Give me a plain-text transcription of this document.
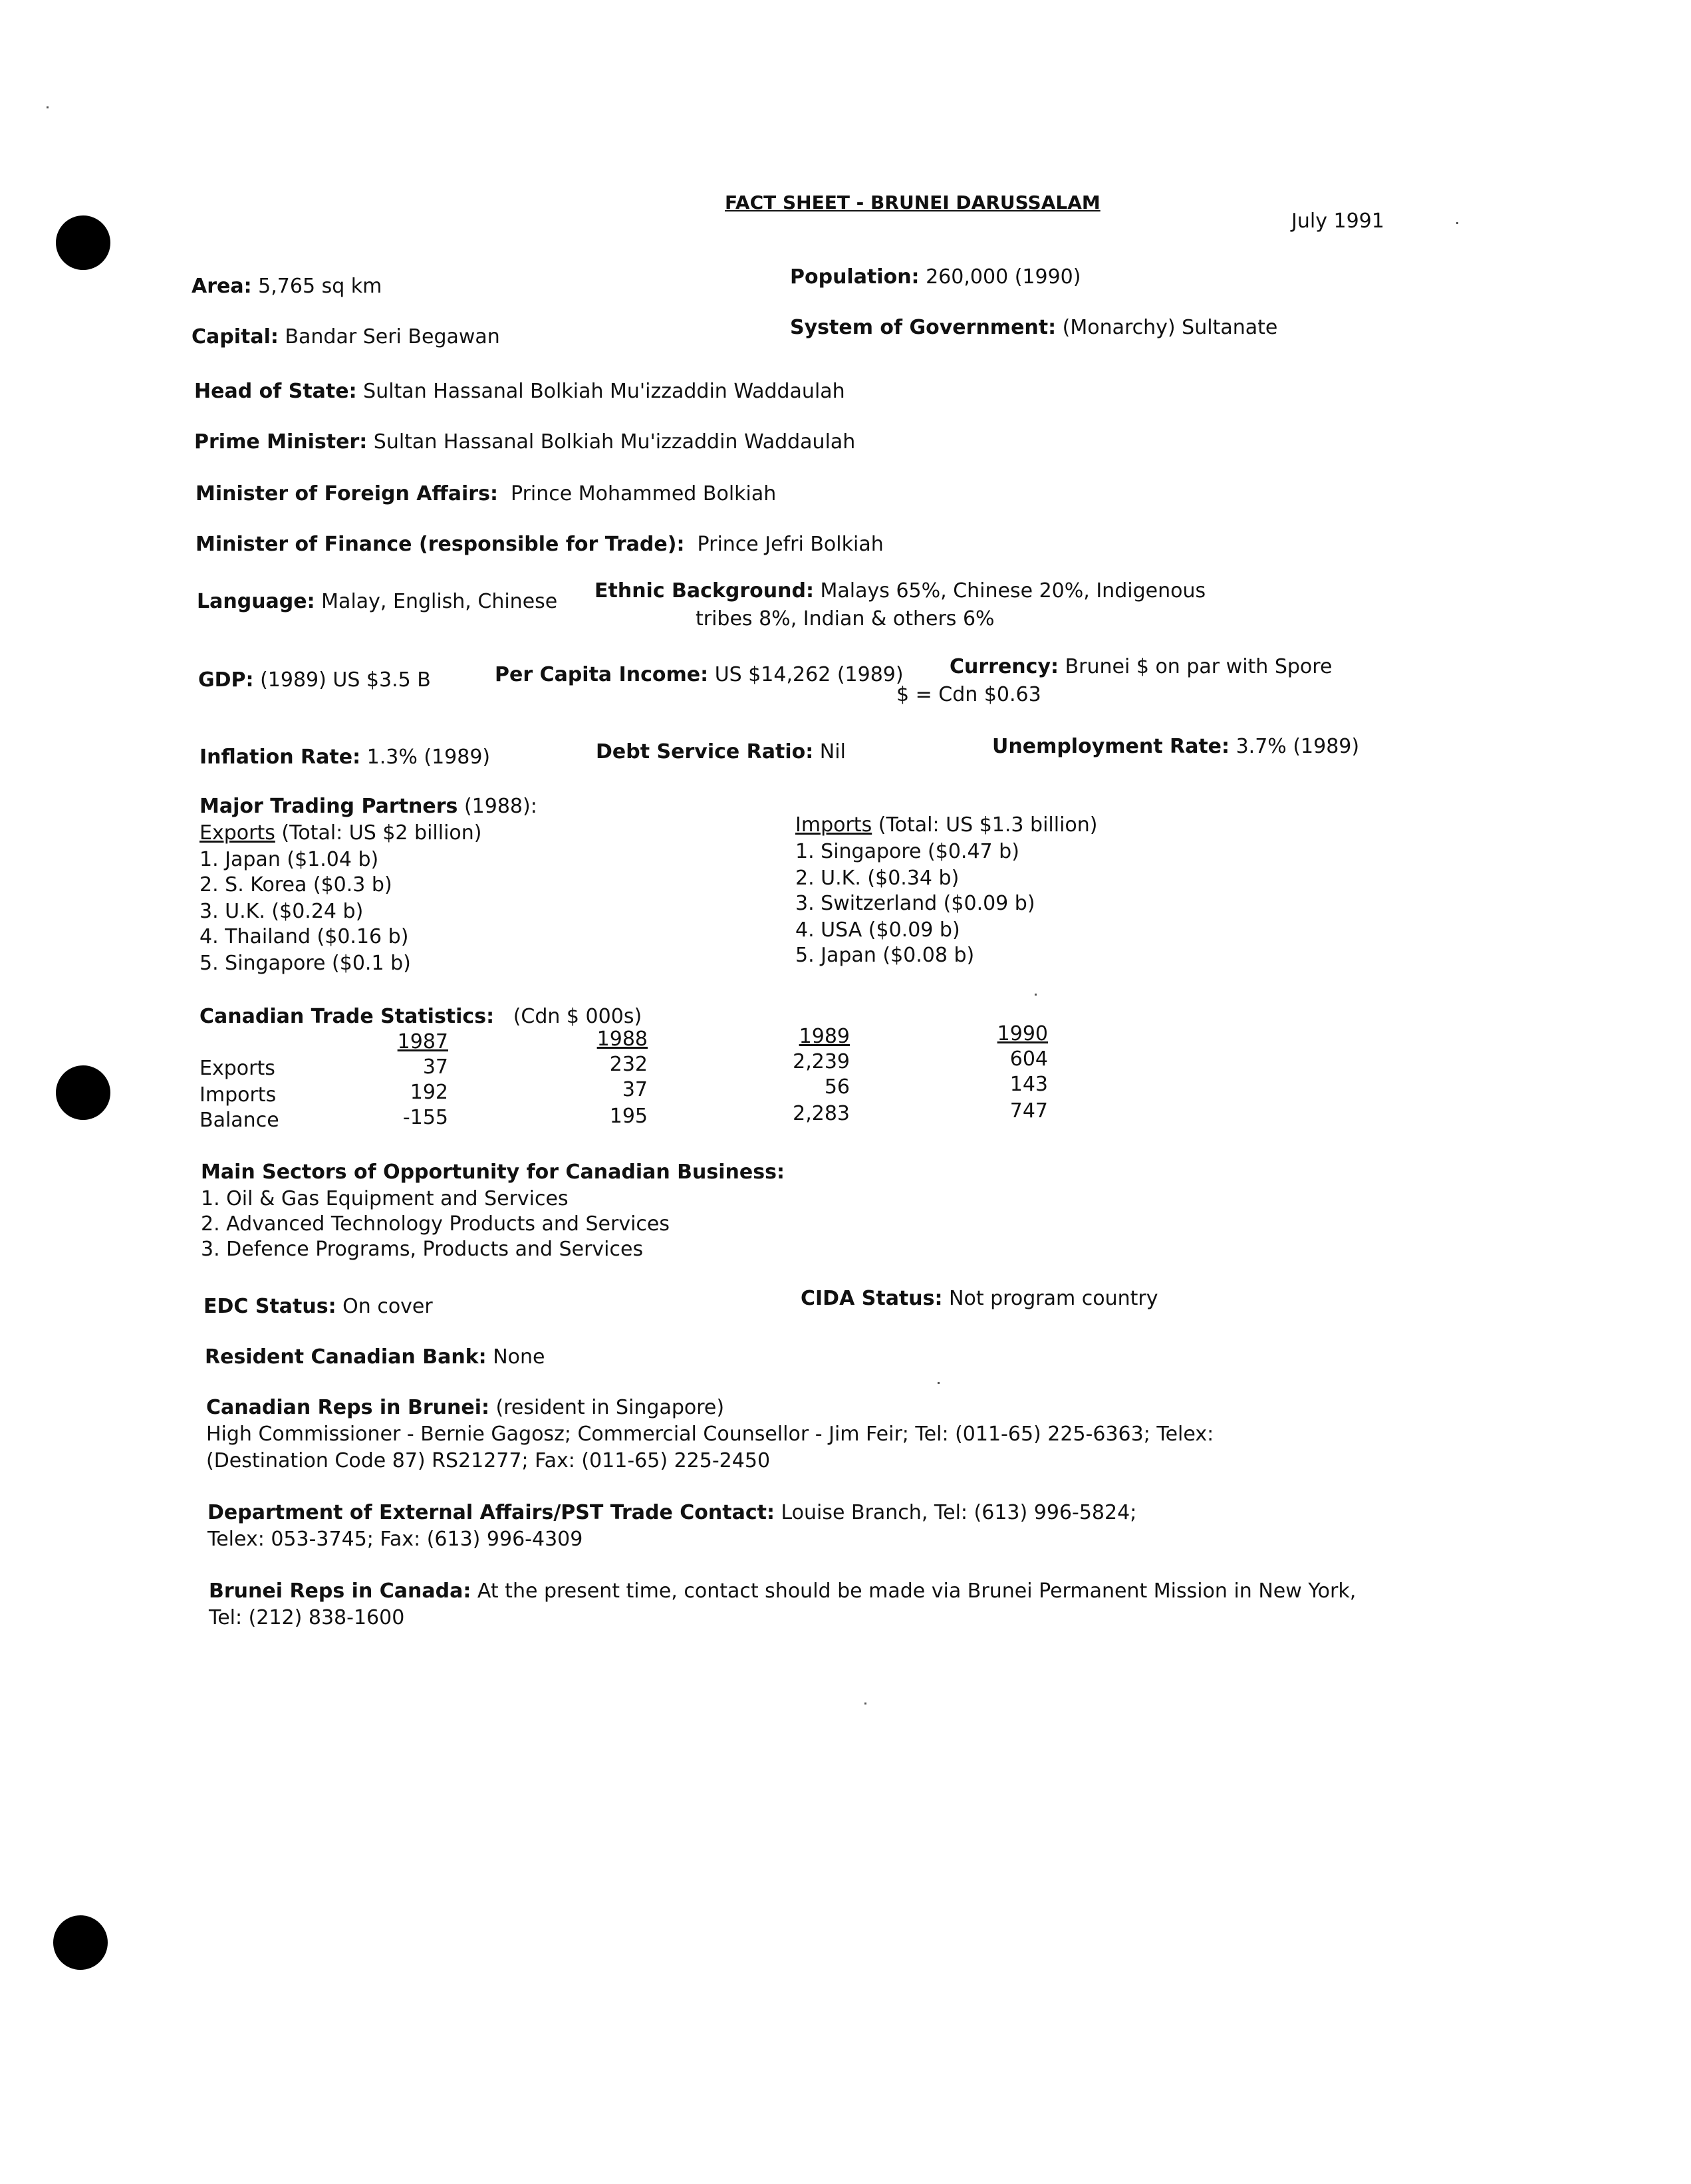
FACT SHEET - BRUNEI DARUSSALAM
July 1991
Area: 5,765 sq km	Population: 260,000 (1990)
Capital: Bandar Seri Begawan	System of Government: (Monarchy) Sultanate
Head of State: Sultan Hassanal Bolkiah Mu'izzaddin Waddaulah
Prime Minister: Sultan Hassanal Bolkiah Mu'izzaddin Waddaulah
Minister of Foreign Affairs: Prince Mohammed Bolkiah
Minister of Finance (responsible for Trade): Prince Jefri Bolkiah
Language: Malay, English, Chinese Ethnic Background: Malays 65%, Chinese 20%, Indigenous
tribes 8%, Indian & others 6%
GDP: (1989) US $3.5 B	Per Capita Income: US $14,262 (1989) Currency: Brunei $ on par with Spore
$ = Cdn $0.63
Inflation Rate: 1.3% (1989)	Debt Service Ratio: Nil	Unemployment Rate: 3.7% (1989)
Major Trading Partners (1988):
Exports (Total: US $2 billion)
1. Japan ($1.04 b)
2. S. Korea ($0.3 b)
3. U.K. ($0.24 b)
4. Thailand ($0.16 b)
5. Singapore ($0.1 b)
Imports (Total: US $1.3 billion)
1. Singapore ($0.47 b)
2. U.K. ($0.34 b)
3. Switzerland ($0.09 b)
4. USA ($0.09 b)
5. Japan ($0.08 b)
Canadian Trade Statistics: (Cdn $ 000s)
1987	1988	1989	1990
Exports	37	232	2,239	604
Imports	192	37	56	143
Balance	-155	195	2,283	747
Main Sectors of Opportunity for Canadian Business:
1. Oil & Gas Equipment and Services
2. Advanced Technology Products and Services
3. Defence Programs, Products and Services
EDC Status: On cover	CIDA Status: Not program country
Resident Canadian Bank: None
Canadian Reps in Brunei: (resident in Singapore)
High Commissioner - Bernie Gagosz; Commercial Counsellor - Jim Feir; Tel: (011-65) 225-6363; Telex:
(Destination Code 87) RS21277; Fax: (011-65) 225-2450
Department of External Affairs/PST Trade Contact: Louise Branch, Tel: (613) 996-5824;
Telex: 053-3745; Fax: (613) 996-4309
Brunei Reps in Canada: At the present time, contact should be made via Brunei Permanent Mission in New York,
Tel: (212) 838-1600
